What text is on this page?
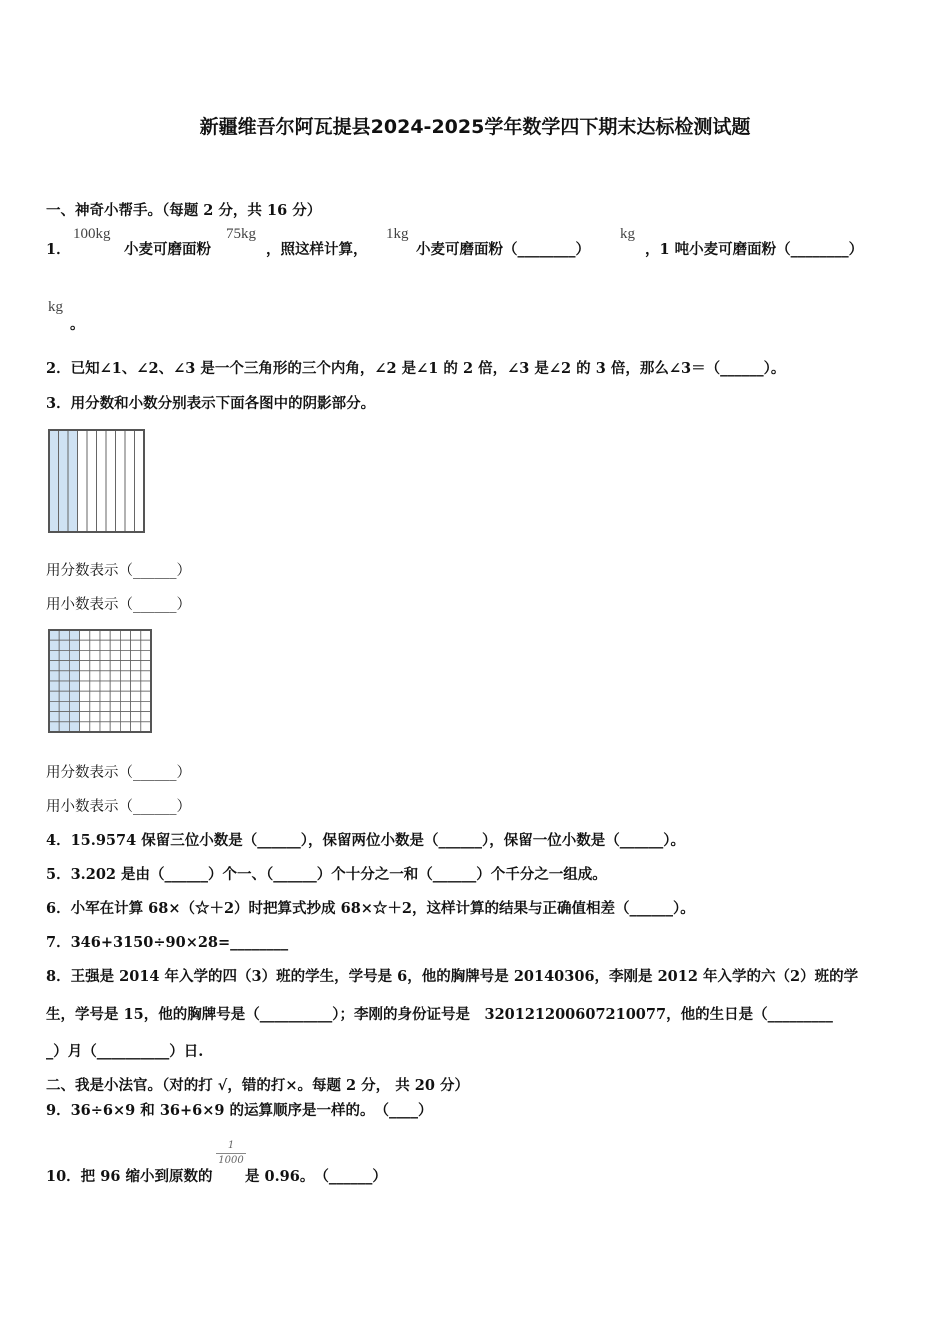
新疆维吾尔阿瓦提县2024-2025学年数学四下期末达标检测试题
一、神奇小帮手。（每题 2 分，共 16 分）
1．
100kg
小麦可磨面粉
75kg
，照这样计算，
1kg
小麦可磨面粉（________）
kg
，1 吨小麦可磨面粉（________）
kg
。
2．已知∠1、∠2、∠3 是一个三角形的三个内角，∠2 是∠1 的 2 倍，∠3 是∠2 的 3 倍，那么∠3＝（______）。
3．用分数和小数分别表示下面各图中的阴影部分。
用分数表示（______）
用小数表示（______）
用分数表示（______）
用小数表示（______）
4．15.9574 保留三位小数是（______），保留两位小数是（______），保留一位小数是（______）。
5．3.202 是由（______）个一、（______）个十分之一和（______）个千分之一组成。
6．小军在计算 68×（☆＋2）时把算式抄成 68×☆＋2，这样计算的结果与正确值相差（______）。
7．346+3150÷90×28=________
8．王强是 2014 年入学的四（3）班的学生，学号是 6，他的胸牌号是 20140306，李刚是 2012 年入学的六（2）班的学
生，学号是 15，他的胸牌号是（__________）；李刚的身份证号是　320121200607210077，他的生日是（_________
_）月（__________）日.
二、我是小法官。（对的打 √，错的打×。每题 2 分， 共 20 分）
9．36÷6×9 和 36+6×9 的运算顺序是一样的。　（____）
10．把 96 缩小到原数的
1
1000
是 0.96。　（______）
